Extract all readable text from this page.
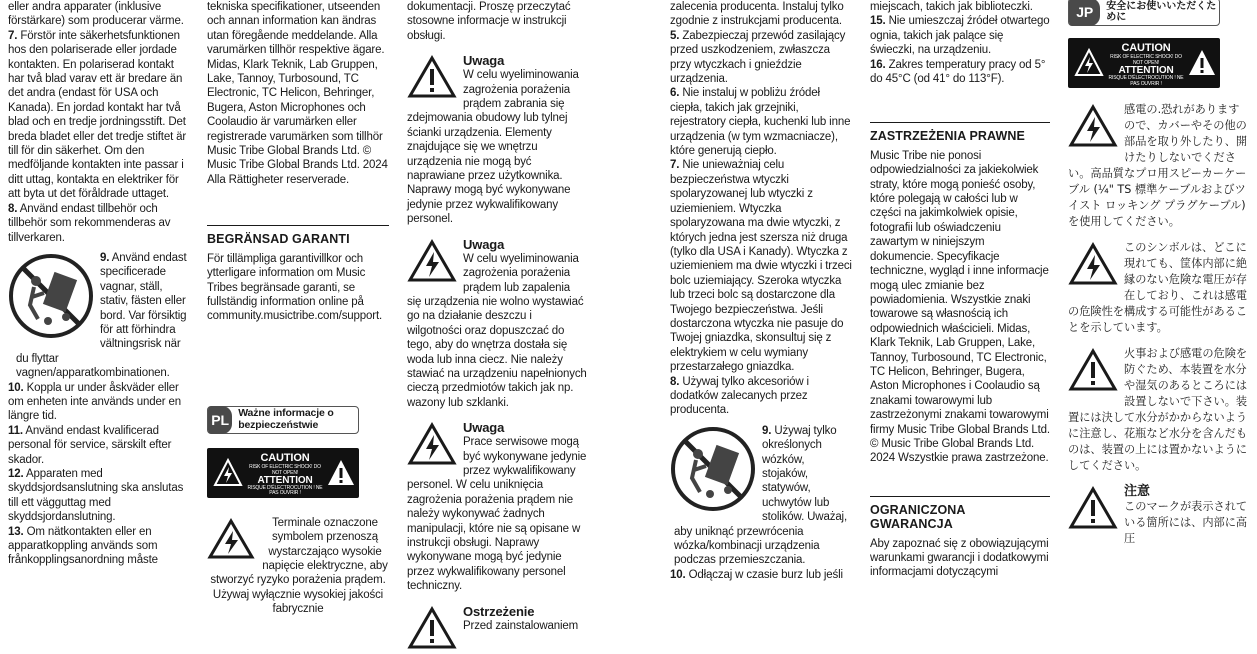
eller andra apparater (inklusive förstärkare) som producerar värme.

7. Förstör inte säkerhetsfunktionen hos den polariserade eller jordade kontakten. En polariserad kontakt har två blad varav ett är bredare än det andra (endast för USA och Kanada). En jordad kontakt har två blad och en tredje jordningsstift. Det breda bladet eller det tredje stiftet är till för din säkerhet. Om den medföljande kontakten inte passar i ditt uttag, kontakta en elektriker för att byta ut det föråldrade uttaget.

8. Använd endast tillbehör och tillbehör som rekommenderas av tillverkaren.

9. Använd endast specificerade vagnar, ställ, stativ, fästen eller bord. Var försiktig för att förhindra vältningsrisk när du flyttar vagnen/apparatkombinationen.

10. Koppla ur under åskväder eller om enheten inte används under en längre tid.

11. Använd endast kvalificerad personal för service, särskilt efter skador.

12. Apparaten med skyddsjordsanslutning ska anslutas till ett vägguttag med skyddsjordanslutning.

13. Om nätkontakten eller en apparatkoppling används som frånkopplingsanordning måste

tekniska specifikationer, utseenden och annan information kan ändras utan föregående meddelande. Alla varumärken tillhör respektive ägare. Midas, Klark Teknik, Lab Gruppen, Lake, Tannoy, Turbosound, TC Electronic, TC Helicon, Behringer, Bugera, Aston Microphones och Coolaudio är varumärken eller registrerade varumärken som tillhör Music Tribe Global Brands Ltd. © Music Tribe Global Brands Ltd. 2024 Alla Rättigheter reserverade.

BEGRÄNSAD GARANTI

För tillämpliga garantivillkor och ytterligare information om Music Tribes begränsade garanti, se fullständig information online på community.musictribe.com/support.

PL Ważne informacje o bezpieczeństwie
CAUTION
RISK OF ELECTRIC SHOCK! DO NOT OPEN!
ATTENTION
RISQUE D'ÉLECTROCUTION ! NE PAS OUVRIR !

Terminale oznaczone symbolem przenoszą wystarczająco wysokie napięcie elektryczne, aby stworzyć ryzyko porażenia prądem. Używaj wyłącznie wysokiej jakości fabrycznie

dokumentacji. Proszę przeczytać stosowne informacje w instrukcji obsługi.

Uwaga
W celu wyeliminowania zagrożenia porażenia prądem zabrania się zdejmowania obudowy lub tylnej ścianki urządzenia. Elementy znajdujące się we wnętrzu urządzenia nie mogą być naprawiane przez użytkownika. Naprawy mogą być wykonywane jedynie przez wykwalifikowany personel.
Uwaga
W celu wyeliminowania zagrożenia porażenia prądem lub zapalenia się urządzenia nie wolno wystawiać go na działanie deszczu i wilgotności oraz dopuszczać do tego, aby do wnętrza dostała się woda lub inna ciecz. Nie należy stawiać na urządzeniu napełnionych cieczą przedmiotów takich jak np. wazony lub szklanki.
Uwaga
Prace serwisowe mogą być wykonywane jedynie przez wykwalifikowany personel. W celu uniknięcia zagrożenia porażenia prądem nie należy wykonywać żadnych manipulacji, które nie są opisane w instrukcji obsługi. Naprawy wykonywane mogą być jedynie przez wykwalifikowany personel techniczny.
Ostrzeżenie
Przed zainstalowaniem

zalecenia producenta. Instaluj tylko zgodnie z instrukcjami producenta.

5. Zabezpieczaj przewód zasilający przed uszkodzeniem, zwłaszcza przy wtyczkach i gnieździe urządzenia.

6. Nie instaluj w pobliżu źródeł ciepła, takich jak grzejniki, rejestratory ciepła, kuchenki lub inne urządzenia (w tym wzmacniacze), które generują ciepło.

7. Nie unieważniaj celu bezpieczeństwa wtyczki spolaryzowanej lub wtyczki z uziemieniem. Wtyczka spolaryzowana ma dwie wtyczki, z których jedna jest szersza niż druga (tylko dla USA i Kanady). Wtyczka z uziemieniem ma dwie wtyczki i trzeci bolc uziemiający. Szeroka wtyczka lub trzeci bolc są dostarczone dla Twojego bezpieczeństwa. Jeśli dostarczona wtyczka nie pasuje do Twojej gniazdka, skonsultuj się z elektrykiem w celu wymiany przestarzałego gniazdka.

8. Używaj tylko akcesoriów i dodatków zalecanych przez producenta.

9. Używaj tylko określonych wózków, stojaków, statywów, uchwytów lub stolików. Uważaj, aby uniknąć przewrócenia wózka/kombinacji urządzenia podczas przemieszczania.

10. Odłączaj w czasie burz lub jeśli

miejscach, takich jak biblioteczki.

15. Nie umieszczaj źródeł otwartego ognia, takich jak palące się świeczki, na urządzeniu.

16. Zakres temperatury pracy od 5° do 45°C (od 41° do 113°F).

ZASTRZEŻENIA PRAWNE

Music Tribe nie ponosi odpowiedzialności za jakiekolwiek straty, które mogą ponieść osoby, które polegają w całości lub w części na jakimkolwiek opisie, fotografii lub oświadczeniu zawartym w niniejszym dokumencie. Specyfikacje techniczne, wygląd i inne informacje mogą ulec zmianie bez powiadomienia. Wszystkie znaki towarowe są własnością ich odpowiednich właścicieli. Midas, Klark Teknik, Lab Gruppen, Lake, Tannoy, Turbosound, TC Electronic, TC Helicon, Behringer, Bugera, Aston Microphones i Coolaudio są znakami towarowymi lub zastrzeżonymi znakami towarowymi firmy Music Tribe Global Brands Ltd. © Music Tribe Global Brands Ltd. 2024 Wszystkie prawa zastrzeżone.

OGRANICZONA GWARANCJA

Aby zapoznać się z obowiązującymi warunkami gwarancji i dodatkowymi informacjami dotyczącymi

JP	安全にお使いいただくために
CAUTION
RISK OF ELECTRIC SHOCK! DO NOT OPEN!
ATTENTION
RISQUE D'ÉLECTROCUTION ! NE PAS OUVRIR !
感電の.恐れがありますので、カバーやその他の部品を取り外したり、開けたりしないでください。高品質なプロ用スピーカーケーブル (¼" TS 標準ケーブルおよびツイスト ロッキング プラグケーブル) を使用してください。
このシンボルは、どこに現れても、筐体内部に絶縁のない危険な電圧が存在しており、これは感電の危険性を構成する可能性があることを示しています。
火事および感電の危険を防ぐため、本装置を水分や湿気のあるところには設置しないで下さい。装置には決して水分がかからないように注意し、花瓶など水分を含んだものは、装置の上には置かないようにしてください。
注意
このマークが表示されている箇所には、内部に高圧
